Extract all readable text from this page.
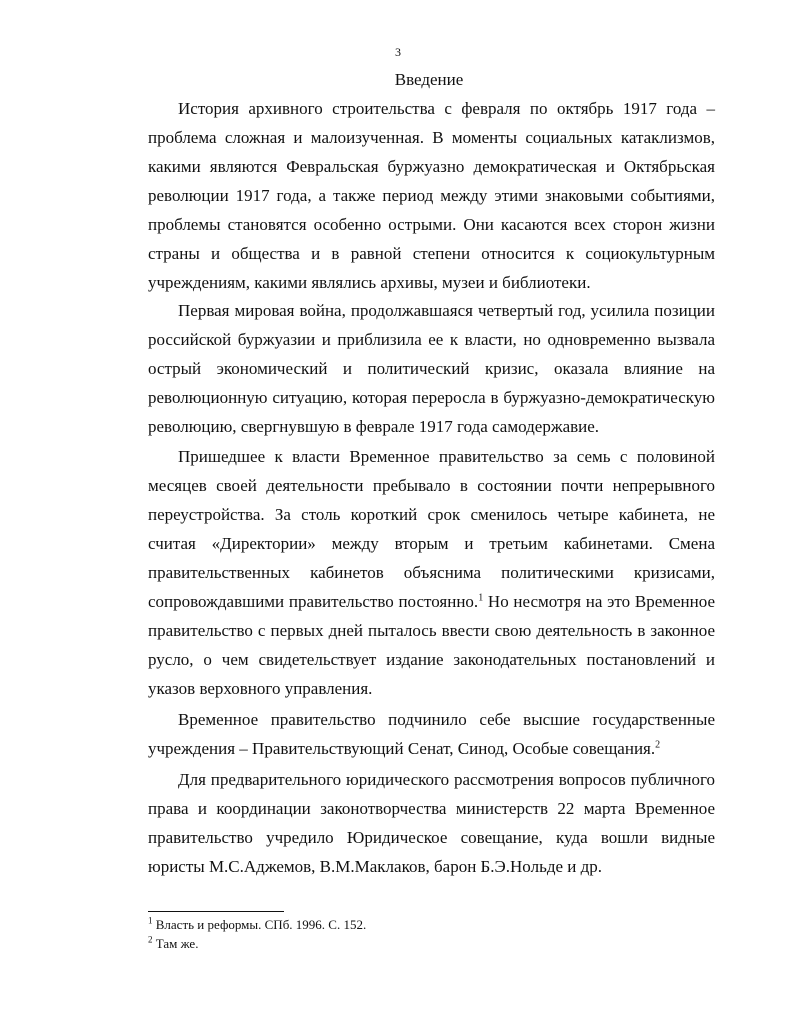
3
Введение

История архивного строительства с февраля по октябрь 1917 года – проблема сложная и малоизученная. В моменты социальных катаклизмов, какими являются Февральская буржуазно демократическая и Октябрьская революции 1917 года, а также период между этими знаковыми событиями, проблемы становятся особенно острыми. Они касаются всех сторон жизни страны и общества и в равной степени относится к социокультурным учреждениям, какими являлись архивы, музеи и библиотеки.

Первая мировая война, продолжавшаяся четвертый год, усилила позиции российской буржуазии и приблизила ее к власти, но одновременно вызвала острый экономический и политический кризис, оказала влияние на революционную ситуацию, которая переросла в буржуазно-демократическую революцию, свергнувшую в феврале 1917 года самодержавие.

Пришедшее к власти Временное правительство за семь с половиной месяцев своей деятельности пребывало в состоянии почти непрерывного переустройства. За столь короткий срок сменилось четыре кабинета, не считая «Директории» между вторым и третьим кабинетами. Смена правительственных кабинетов объяснима политическими кризисами, сопровождавшими правительство постоянно.$^1$ Но несмотря на это Временное правительство с первых дней пыталось ввести свою деятельность в законное русло, о чем свидетельствует издание законодательных постановлений и указов верховного управления.

Временное правительство подчинило себе высшие государственные учреждения – Правительствующий Сенат, Синод, Особые совещания.$^2$

Для предварительного юридического рассмотрения вопросов публичного права и координации законотворчества министерств 22 марта Временное правительство учредило Юридическое совещание, куда вошли видные юристы М.С.Аджемов, В.М.Маклаков, барон Б.Э.Нольде и др.

$^1$ Власть и реформы. СПб. 1996. С. 152.
$^2$ Там же.
